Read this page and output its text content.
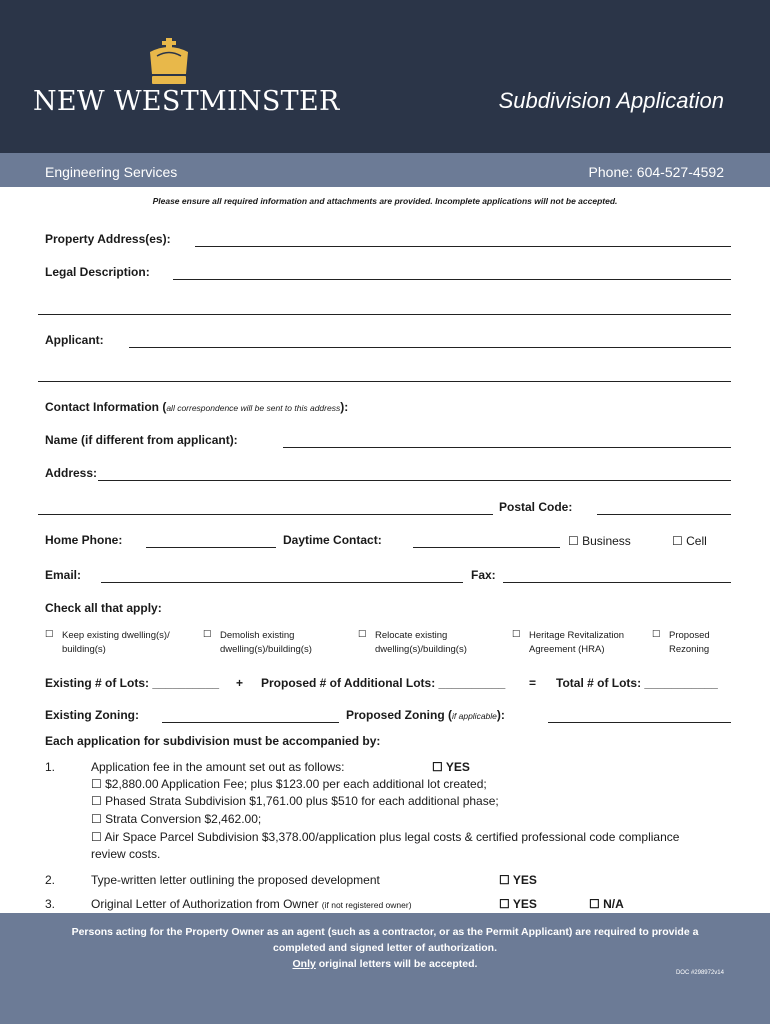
NEW WESTMINSTER	Subdivision Application
Engineering Services	Phone: 604-527-4592
Please ensure all required information and attachments are provided. Incomplete applications will not be accepted.
Property Address(es):
Legal Description:
Applicant:
Contact Information (all correspondence will be sent to this address):
Name (if different from applicant):
Address:
Postal Code:
Home Phone:	Daytime Contact:	☐ Business	☐ Cell
Email:	Fax:
Check all that apply:
☐ Keep existing dwelling(s)/
building(s)
☐ Demolish existing
dwelling(s)/building(s)
☐ Relocate existing
dwelling(s)/building(s)
☐ Heritage Revitalization
Agreement (HRA)
☐ Proposed
Rezoning
Existing # of Lots: __________ + Proposed # of Additional Lots: __________ = Total # of Lots: ___________
Existing Zoning:	Proposed Zoning (if applicable):
Each application for subdivision must be accompanied by:
1.	Application fee in the amount set out as follows:	☐ YES
☐ $2,880.00 Application Fee; plus $123.00 per each additional lot created;
☐ Phased Strata Subdivision $1,761.00 plus $510 for each additional phase;
☐ Strata Conversion $2,462.00;
☐ Air Space Parcel Subdivision $3,378.00/application plus legal costs & certified professional code compliance
review costs.
2.	Type-written letter outlining the proposed development	☐ YES
3.	Original Letter of Authorization from Owner (if not registered owner)	☐ YES	☐ N/A
Persons acting for the Property Owner as an agent (such as a contractor, or as the Permit Applicant) are required to provide a
completed and signed letter of authorization.
Only original letters will be accepted.
DOC #298972v14
